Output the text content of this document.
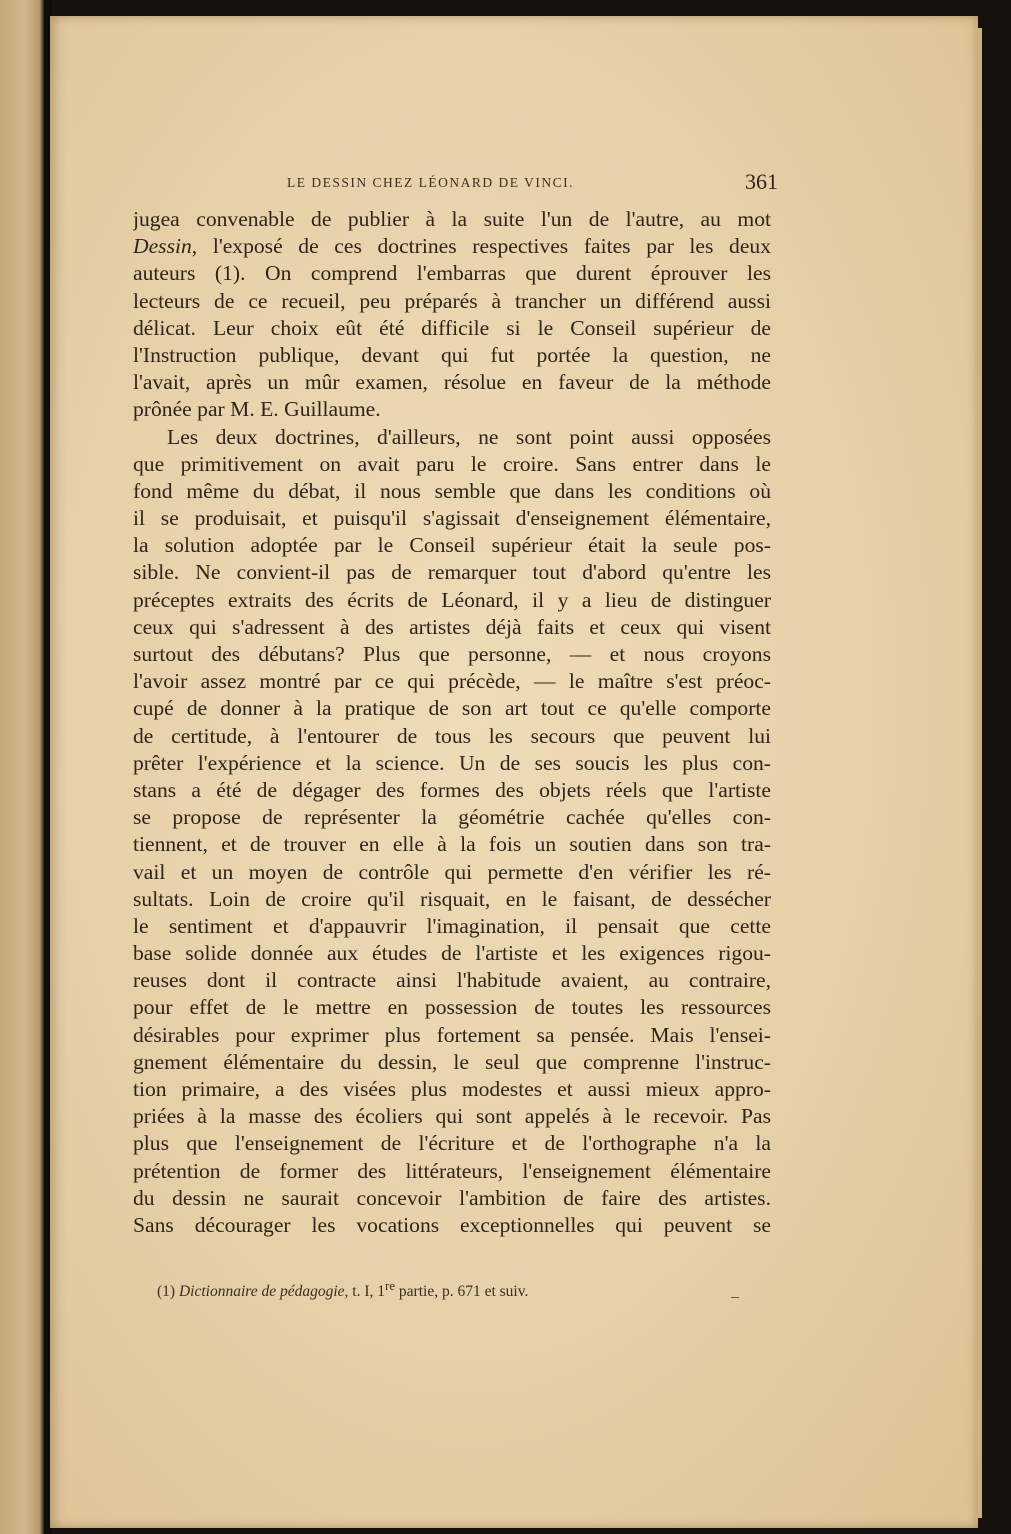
LE DESSIN CHEZ LÉONARD DE VINCI.	361
jugea convenable de publier à la suite l'un de l'autre, au mot
Dessin, l'exposé de ces doctrines respectives faites par les deux
auteurs (1). On comprend l'embarras que durent éprouver les
lecteurs de ce recueil, peu préparés à trancher un différend aussi
délicat. Leur choix eût été difficile si le Conseil supérieur de
l'Instruction publique, devant qui fut portée la question, ne
l'avait, après un mûr examen, résolue en faveur de la méthode
prônée par M. E. Guillaume.
Les deux doctrines, d'ailleurs, ne sont point aussi opposées
que primitivement on avait paru le croire. Sans entrer dans le
fond même du débat, il nous semble que dans les conditions où
il se produisait, et puisqu'il s'agissait d'enseignement élémentaire,
la solution adoptée par le Conseil supérieur était la seule pos-
sible. Ne convient-il pas de remarquer tout d'abord qu'entre les
préceptes extraits des écrits de Léonard, il y a lieu de distinguer
ceux qui s'adressent à des artistes déjà faits et ceux qui visent
surtout des débutans? Plus que personne, — et nous croyons
l'avoir assez montré par ce qui précède, — le maître s'est préoc-
cupé de donner à la pratique de son art tout ce qu'elle comporte
de certitude, à l'entourer de tous les secours que peuvent lui
prêter l'expérience et la science. Un de ses soucis les plus con-
stans a été de dégager des formes des objets réels que l'artiste
se propose de représenter la géométrie cachée qu'elles con-
tiennent, et de trouver en elle à la fois un soutien dans son tra-
vail et un moyen de contrôle qui permette d'en vérifier les ré-
sultats. Loin de croire qu'il risquait, en le faisant, de dessécher
le sentiment et d'appauvrir l'imagination, il pensait que cette
base solide donnée aux études de l'artiste et les exigences rigou-
reuses dont il contracte ainsi l'habitude avaient, au contraire,
pour effet de le mettre en possession de toutes les ressources
désirables pour exprimer plus fortement sa pensée. Mais l'ensei-
gnement élémentaire du dessin, le seul que comprenne l'instruc-
tion primaire, a des visées plus modestes et aussi mieux appro-
priées à la masse des écoliers qui sont appelés à le recevoir. Pas
plus que l'enseignement de l'écriture et de l'orthographe n'a la
prétention de former des littérateurs, l'enseignement élémentaire
du dessin ne saurait concevoir l'ambition de faire des artistes.
Sans décourager les vocations exceptionnelles qui peuvent se
(1) Dictionnaire de pédagogie, t. I, 1re partie, p. 671 et suiv.
